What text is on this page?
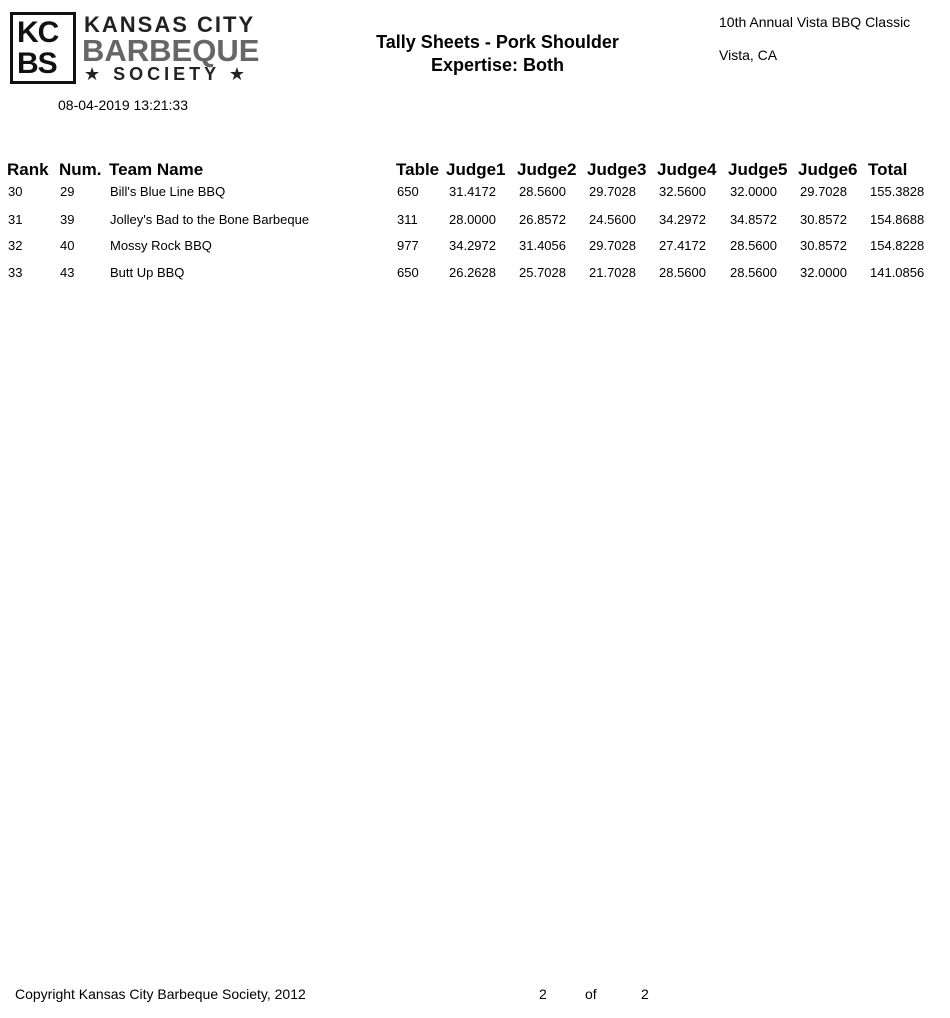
KC
BS
KANSAS CITY
BARBEQUE
★ SOCIETY ★
08-04-2019 13:21:33
Tally Sheets - Pork Shoulder
Expertise: Both
10th Annual Vista BBQ Classic
Vista, CA
Rank Num. Team Name	Table Judge1 Judge2 Judge3 Judge4 Judge5 Judge6 Total
30	29	Bill's Blue Line BBQ	650 31.4172 28.5600 29.7028 32.5600 32.0000 29.7028 155.3828
31	39	Jolley's Bad to the Bone Barbeque	311 28.0000 26.8572 24.5600 34.2972 34.8572 30.8572 154.8688
32	40	Mossy Rock BBQ	977 34.2972 31.4056 29.7028 27.4172 28.5600 30.8572 154.8228
33	43	Butt Up BBQ	650 26.2628 25.7028 21.7028 28.5600 28.5600 32.0000 141.0856
Copyright Kansas City Barbeque Society, 2012	2	of	2
